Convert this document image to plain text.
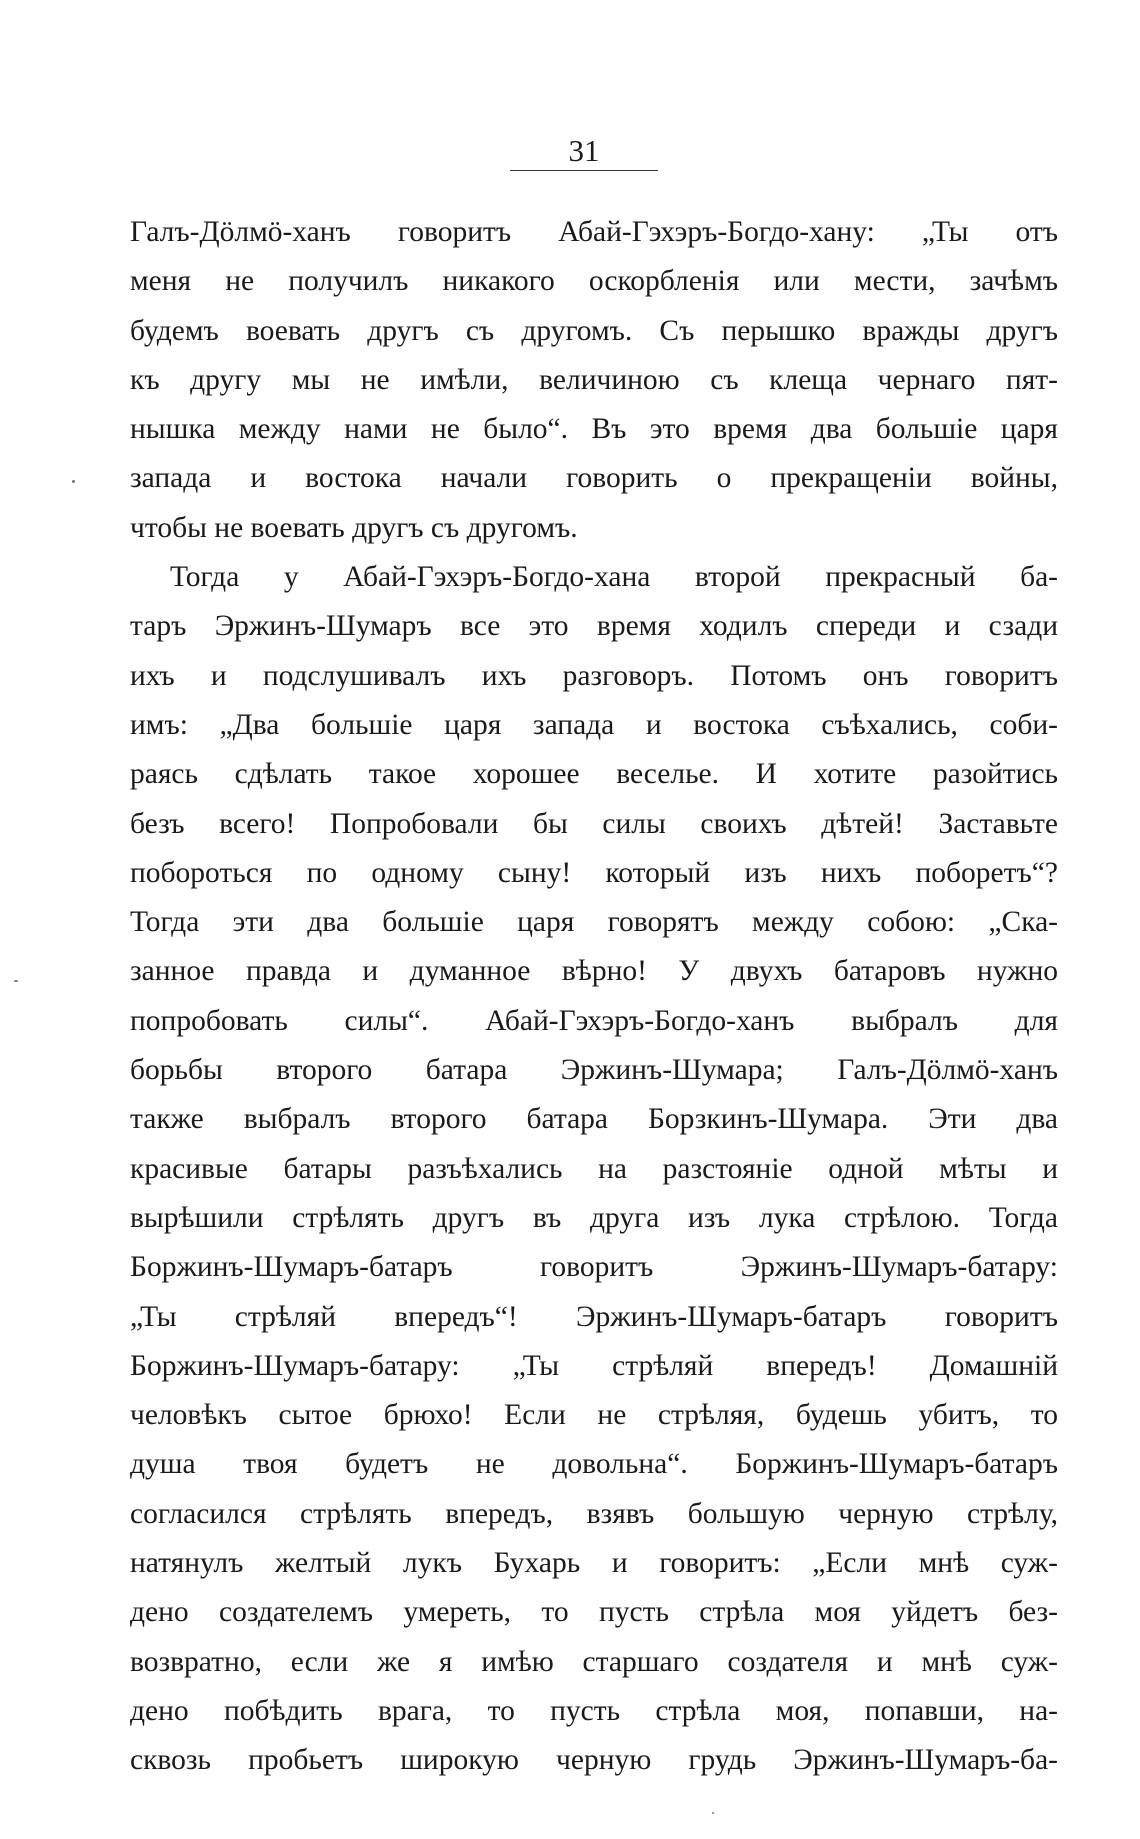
31
Галъ-Дöлмö-ханъ говоритъ Абай-Гэхэръ-Богдо-хану: „Ты отъ
меня не получилъ никакого оскорбленія или мести, зачѣмъ
будемъ воевать другъ съ другомъ. Съ перышко вражды другъ
къ другу мы не имѣли, величиною съ клеща чернаго пят-
нышка между нами не было“. Въ это время два большіе царя
запада и востока начали говорить о прекращеніи войны,
чтобы не воевать другъ съ другомъ.
Тогда у Абай-Гэхэръ-Богдо-хана второй прекрасный ба-
таръ Эржинъ-Шумаръ все это время ходилъ спереди и сзади
ихъ и подслушивалъ ихъ разговоръ. Потомъ онъ говоритъ
имъ: „Два большіе царя запада и востока съѣхались, соби-
раясь сдѣлать такое хорошее веселье. И хотите разойтись
безъ всего! Попробовали бы силы своихъ дѣтей! Заставьте
побороться по одному сыну! который изъ нихъ поборетъ“?
Тогда эти два большіе царя говорятъ между собою: „Ска-
занное правда и думанное вѣрно! У двухъ батаровъ нужно
попробовать силы“. Абай-Гэхэръ-Богдо-ханъ выбралъ для
борьбы второго батара Эржинъ-Шумара; Галъ-Дöлмö-ханъ
также выбралъ второго батара Борзкинъ-Шумара. Эти два
красивые батары разъѣхались на разстояніе одной мѣты и
вырѣшили стрѣлять другъ въ друга изъ лука стрѣлою. Тогда
Боржинъ-Шумаръ-батаръ говоритъ Эржинъ-Шумаръ-батару:
„Ты стрѣляй впередъ“! Эржинъ-Шумаръ-батаръ говоритъ
Боржинъ-Шумаръ-батару: „Ты стрѣляй впередъ! Домашній
человѣкъ сытое брюхо! Если не стрѣляя, будешь убитъ, то
душа твоя будетъ не довольна“. Боржинъ-Шумаръ-батаръ
согласился стрѣлять впередъ, взявъ большую черную стрѣлу,
натянулъ желтый лукъ Бухарь и говоритъ: „Если мнѣ суж-
дено создателемъ умереть, то пусть стрѣла моя уйдетъ без-
возвратно, если же я имѣю старшаго создателя и мнѣ суж-
дено побѣдить врага, то пусть стрѣла моя, попавши, на-
сквозь пробьетъ широкую черную грудь Эржинъ-Шумаръ-ба-
